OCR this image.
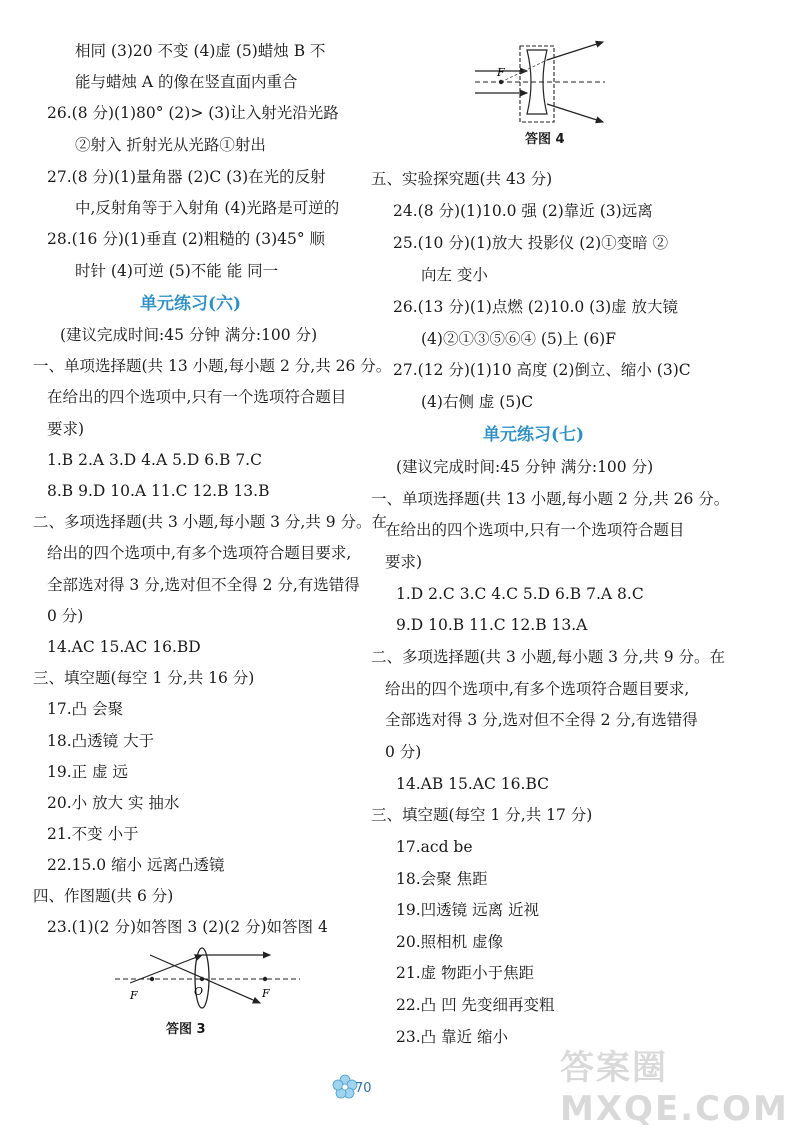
相同 (3)20 不变 (4)虚 (5)蜡烛 B 不
能与蜡烛 A 的像在竖直面内重合
26.(8 分)(1)80° (2)> (3)让入射光沿光路
②射入 折射光从光路①射出
27.(8 分)(1)量角器 (2)C (3)在光的反射
中,反射角等于入射角 (4)光路是可逆的
28.(16 分)(1)垂直 (2)粗糙的 (3)45° 顺
时针 (4)可逆 (5)不能 能 同一
单元练习(六)
(建议完成时间:45 分钟 满分:100 分)
一、单项选择题(共 13 小题,每小题 2 分,共 26 分。
在给出的四个选项中,只有一个选项符合题目
要求)
1.B 2.A 3.D 4.A 5.D 6.B 7.C
8.B 9.D 10.A 11.C 12.B 13.B
二、多项选择题(共 3 小题,每小题 3 分,共 9 分。在
给出的四个选项中,有多个选项符合题目要求,
全部选对得 3 分,选对但不全得 2 分,有选错得
0 分)
14.AC 15.AC 16.BD
三、填空题(每空 1 分,共 16 分)
17.凸 会聚
18.凸透镜 大于
19.正 虚 远
20.小 放大 实 抽水
21.不变 小于
22.15.0 缩小 远离凸透镜
四、作图题(共 6 分)
23.(1)(2 分)如答图 3 (2)(2 分)如答图 4
F	O	F
答图 3
F
答图 4
五、实验探究题(共 43 分)
24.(8 分)(1)10.0 强 (2)靠近 (3)远离
25.(10 分)(1)放大 投影仪 (2)①变暗 ②
向左 变小
26.(13 分)(1)点燃 (2)10.0 (3)虚 放大镜
(4)②①③⑤⑥④ (5)上 (6)F
27.(12 分)(1)10 高度 (2)倒立、缩小 (3)C
(4)右侧 虚 (5)C
单元练习(七)
(建议完成时间:45 分钟 满分:100 分)
一、单项选择题(共 13 小题,每小题 2 分,共 26 分。
在给出的四个选项中,只有一个选项符合题目
要求)
1.D 2.C 3.C 4.C 5.D 6.B 7.A 8.C
9.D 10.B 11.C 12.B 13.A
二、多项选择题(共 3 小题,每小题 3 分,共 9 分。在
给出的四个选项中,有多个选项符合题目要求,
全部选对得 3 分,选对但不全得 2 分,有选错得
0 分)
14.AB 15.AC 16.BC
三、填空题(每空 1 分,共 17 分)
17.acd be
18.会聚 焦距
19.凹透镜 远离 近视
20.照相机 虚像
21.虚 物距小于焦距
22.凸 凹 先变细再变粗
23.凸 靠近 缩小
70
答案圈 MXQE.COM
